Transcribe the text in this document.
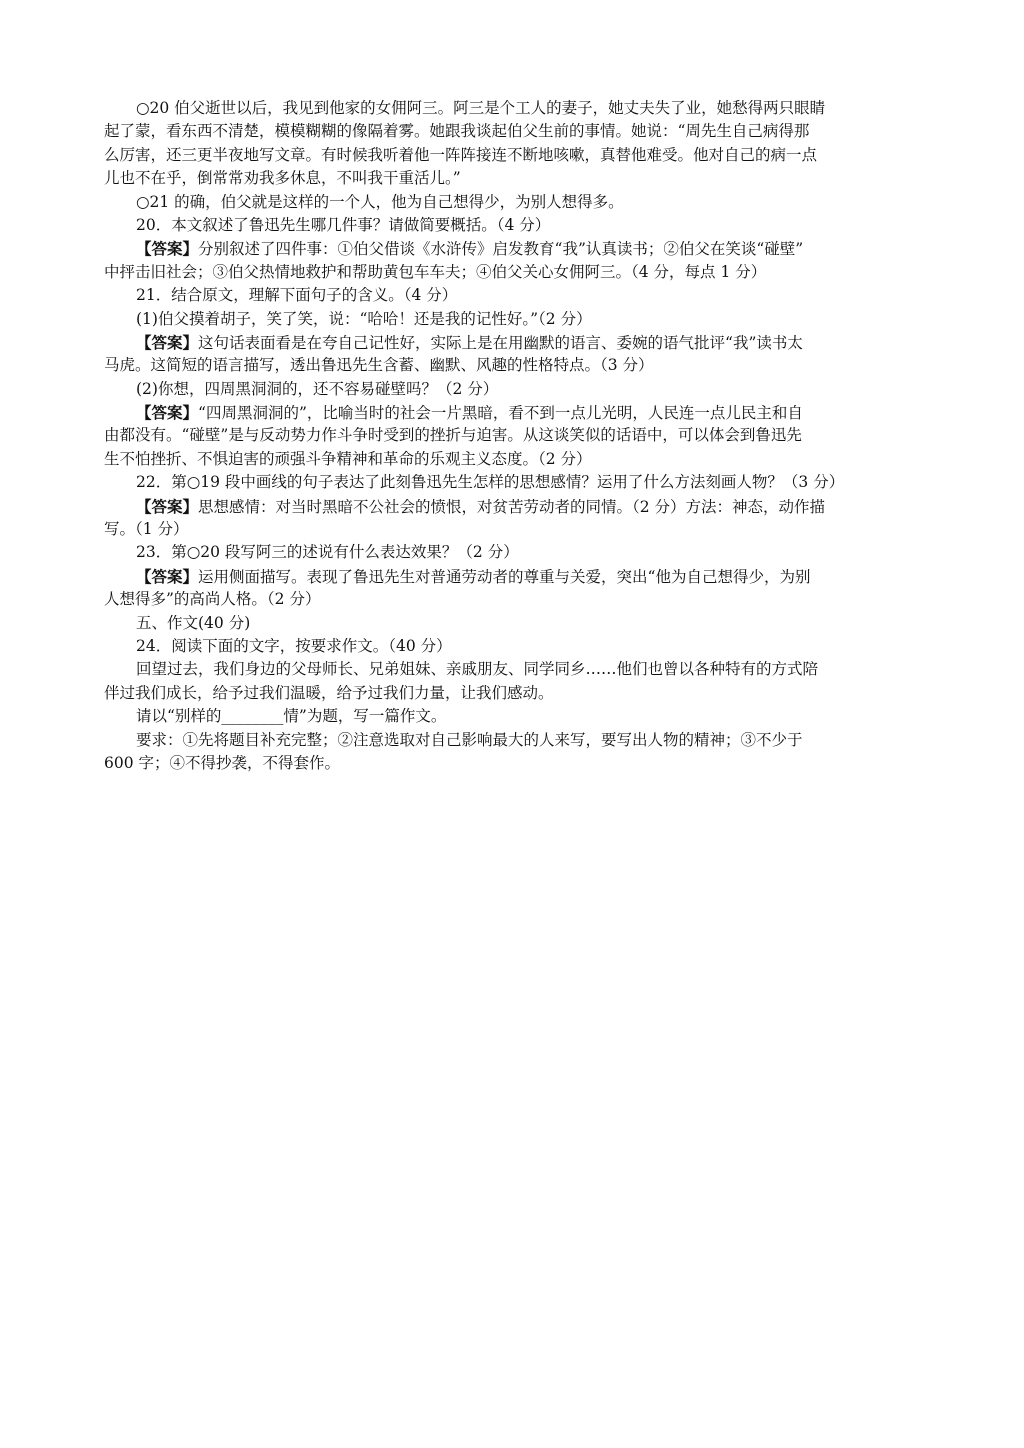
○20 伯父逝世以后，我见到他家的女佣阿三。阿三是个工人的妻子，她丈夫失了业，她愁得两只眼睛
起了蒙，看东西不清楚，模模糊糊的像隔着雾。她跟我谈起伯父生前的事情。她说：“周先生自己病得那
么厉害，还三更半夜地写文章。有时候我听着他一阵阵接连不断地咳嗽，真替他难受。他对自己的病一点
儿也不在乎，倒常常劝我多休息，不叫我干重活儿。”
○21 的确，伯父就是这样的一个人，他为自己想得少，为别人想得多。
20．本文叙述了鲁迅先生哪几件事？请做简要概括。（4 分）
【答案】分别叙述了四件事：①伯父借谈《水浒传》启发教育“我”认真读书；②伯父在笑谈“碰壁”
中抨击旧社会；③伯父热情地救护和帮助黄包车车夫；④伯父关心女佣阿三。（4 分，每点 1 分）
21．结合原文，理解下面句子的含义。（4 分）
(1)伯父摸着胡子，笑了笑，说：“哈哈！还是我的记性好。”（2 分）
【答案】这句话表面看是在夸自己记性好，实际上是在用幽默的语言、委婉的语气批评“我”读书太
马虎。这简短的语言描写，透出鲁迅先生含蓄、幽默、风趣的性格特点。（3 分）
(2)你想，四周黑洞洞的，还不容易碰壁吗？（2 分）
【答案】“四周黑洞洞的”，比喻当时的社会一片黑暗，看不到一点儿光明，人民连一点儿民主和自
由都没有。“碰壁”是与反动势力作斗争时受到的挫折与迫害。从这谈笑似的话语中，可以体会到鲁迅先
生不怕挫折、不惧迫害的顽强斗争精神和革命的乐观主义态度。（2 分）
22．第○19 段中画线的句子表达了此刻鲁迅先生怎样的思想感情？运用了什么方法刻画人物？（3 分）
【答案】思想感情：对当时黑暗不公社会的愤恨，对贫苦劳动者的同情。（2 分）方法：神态，动作描
写。（1 分）
23．第○20 段写阿三的述说有什么表达效果？（2 分）
【答案】运用侧面描写。表现了鲁迅先生对普通劳动者的尊重与关爱，突出“他为自己想得少，为别
人想得多”的高尚人格。（2 分）
五、作文(40 分)
24．阅读下面的文字，按要求作文。（40 分）
回望过去，我们身边的父母师长、兄弟姐妹、亲戚朋友、同学同乡……他们也曾以各种特有的方式陪
伴过我们成长，给予过我们温暖，给予过我们力量，让我们感动。
请以“别样的________情”为题，写一篇作文。
要求：①先将题目补充完整；②注意选取对自己影响最大的人来写，要写出人物的精神；③不少于
600 字；④不得抄袭，不得套作。
